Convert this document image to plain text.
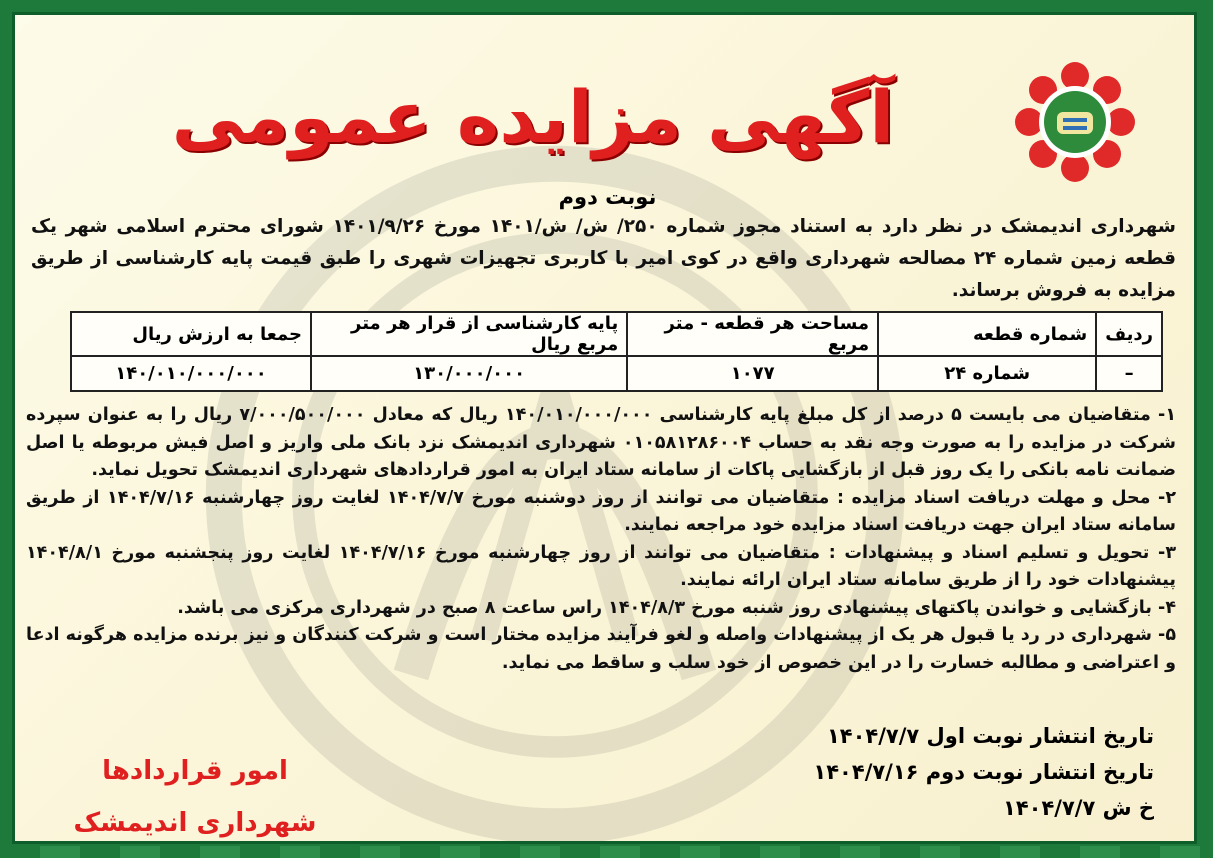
آگهی مزایده عمومی
نوبت دوم

شهرداری اندیمشک در نظر دارد به استناد مجوز شماره ۲۵۰/ ش/ ش/۱۴۰۱ مورخ ۱۴۰۱/۹/۲۶ شورای محترم اسلامی شهر یک قطعه زمین شماره ۲۴ مصالحه شهرداری واقع در کوی امیر با کاربری تجهیزات شهری را طبق قیمت پایه کارشناسی از طریق مزایده به فروش برساند.

ردیف	شماره قطعه	مساحت هر قطعه - متر مربع	پایه کارشناسی از قرار هر متر مربع ریال	جمعا به ارزش ریال
–	شماره ۲۴	۱۰۷۷	۱۳۰/۰۰۰/۰۰۰	۱۴۰/۰۱۰/۰۰۰/۰۰۰
۱- متقاضیان می بایست ۵ درصد از کل مبلغ پایه کارشناسی ۱۴۰/۰۱۰/۰۰۰/۰۰۰ ریال که معادل ۷/۰۰۰/۵۰۰/۰۰۰ ریال را به عنوان سپرده شرکت در مزایده را به صورت وجه نقد به حساب ۰۱۰۵۸۱۲۸۶۰۰۴ شهرداری اندیمشک نزد بانک ملی واریز و اصل فیش مربوطه یا اصل ضمانت نامه بانکی را یک روز قبل از بازگشایی پاکات از سامانه ستاد ایران به امور قراردادهای شهرداری اندیمشک تحویل نماید.
۲- محل و مهلت دریافت اسناد مزایده : متقاضیان می توانند از روز دوشنبه مورخ ۱۴۰۴/۷/۷ لغایت روز چهارشنبه ۱۴۰۴/۷/۱۶ از طریق سامانه ستاد ایران جهت دریافت اسناد مزایده خود مراجعه نمایند.
۳- تحویل و تسلیم اسناد و پیشنهادات : متقاضیان می توانند از روز چهارشنبه مورخ ۱۴۰۴/۷/۱۶ لغایت روز پنجشنبه مورخ ۱۴۰۴/۸/۱ پیشنهادات خود را از طریق سامانه ستاد ایران ارائه نمایند.
۴- بازگشایی و خواندن پاکتهای پیشنهادی روز شنبه مورخ ۱۴۰۴/۸/۳ راس ساعت ۸ صبح در شهرداری مرکزی می باشد.
۵- شهرداری در رد یا قبول هر یک از پیشنهادات واصله و لغو فرآیند مزایده مختار است و شرکت کنندگان و نیز برنده مزایده هرگونه ادعا و اعتراضی و مطالبه خسارت را در این خصوص از خود سلب و ساقط می نماید.
تاریخ انتشار نوبت اول ۱۴۰۴/۷/۷
تاریخ انتشار نوبت دوم ۱۴۰۴/۷/۱۶
خ ش ۱۴۰۴/۷/۷
امور قراردادها
شهرداری اندیمشک
